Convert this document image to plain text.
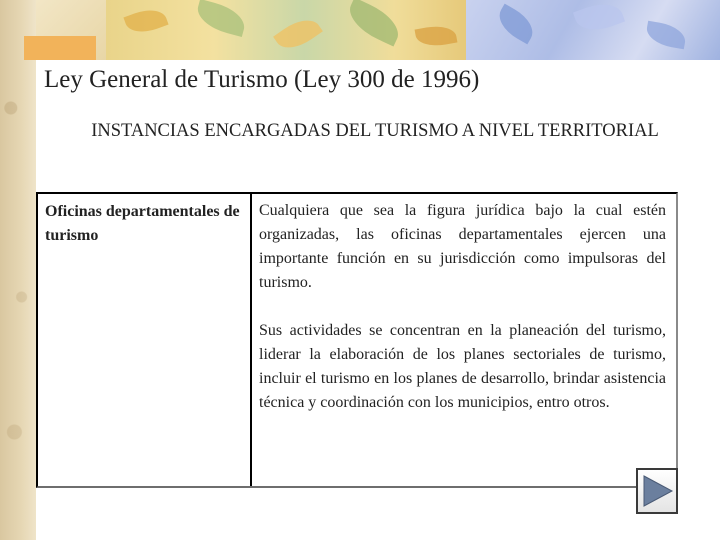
Ley General de Turismo (Ley 300 de 1996)

INSTANCIAS ENCARGADAS DEL TURISMO A NIVEL TERRITORIAL

Oficinas departamentales de turismo

Cualquiera que sea la figura jurídica bajo la cual estén organizadas, las oficinas departamentales ejercen una importante función en su jurisdicción como impulsoras del turismo.

Sus actividades se concentran en la planeación del turismo, liderar la elaboración de los planes sectoriales de turismo, incluir el turismo en los planes de desarrollo, brindar asistencia técnica y coordinación con los municipios, entro otros.
